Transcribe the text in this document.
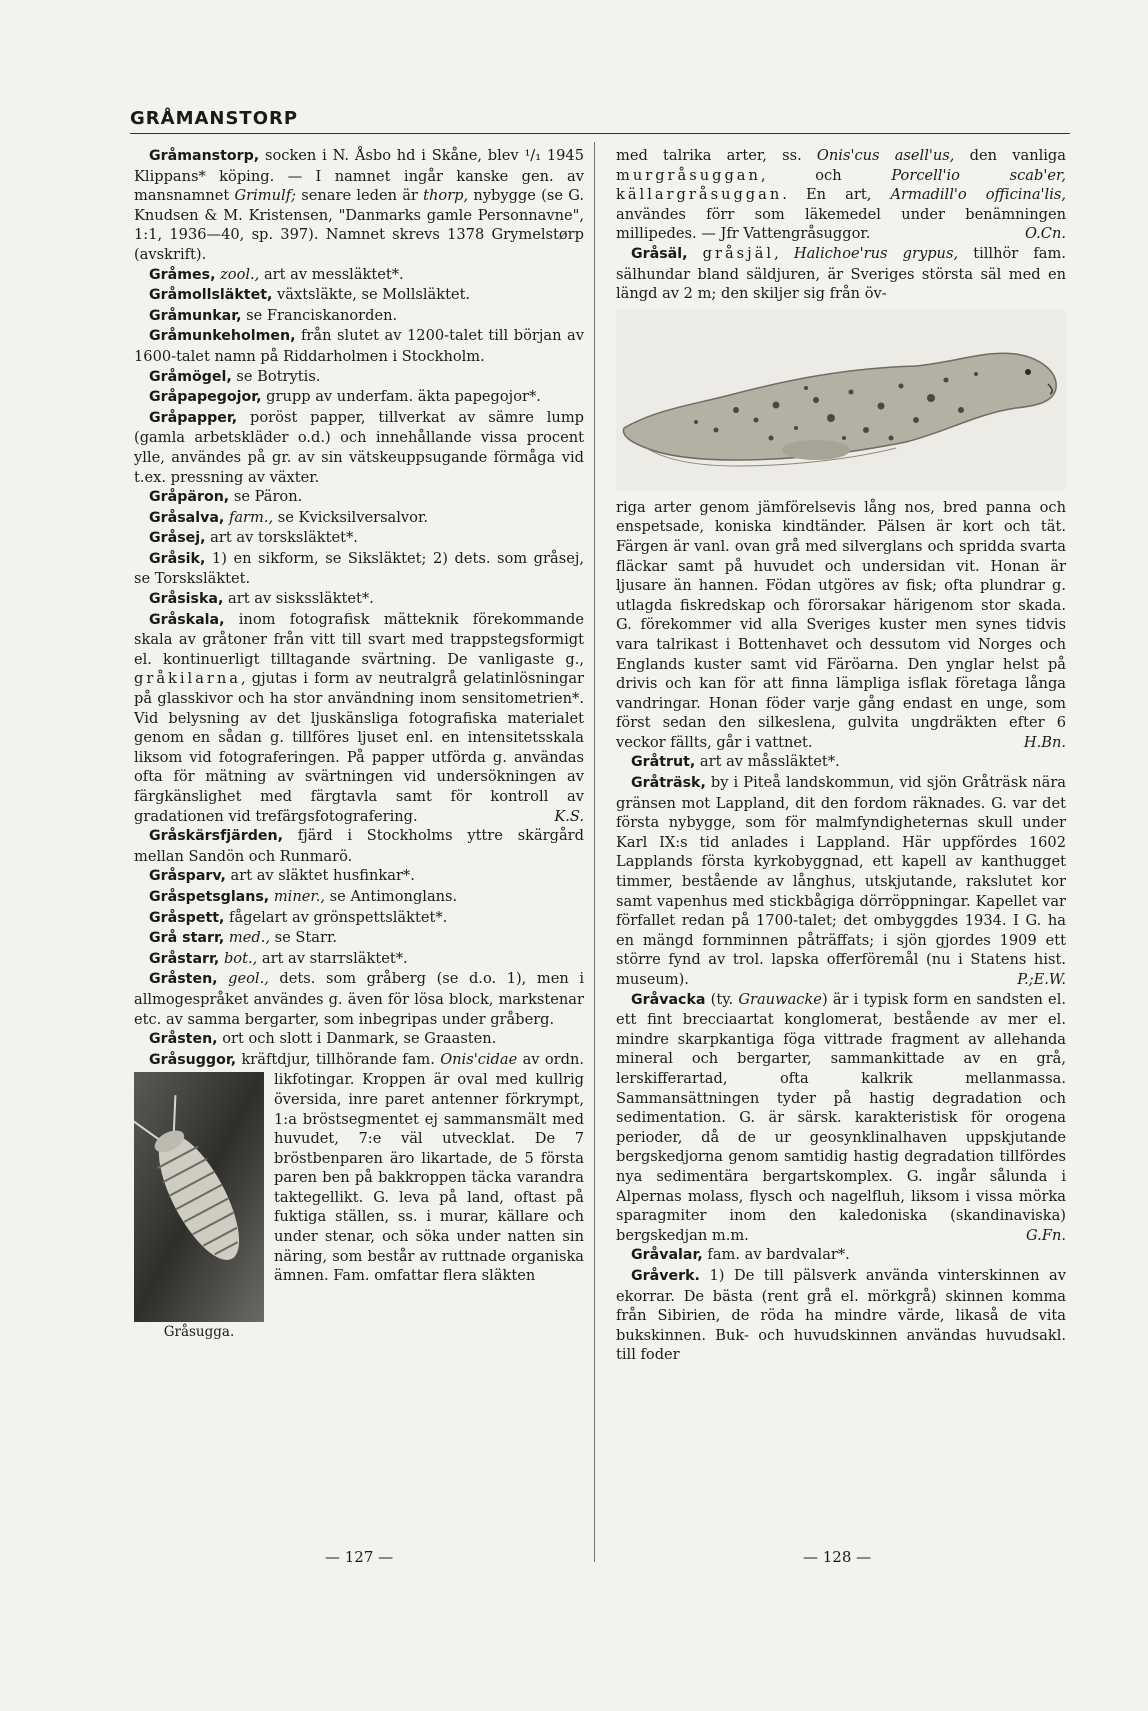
GRÅMANSTORP

Gråmanstorp, socken i N. Åsbo hd i Skåne, blev ¹/₁ 1945 Klippans* köping. — I namnet ingår kanske gen. av mansnamnet Grimulf; senare leden är thorp, nybygge (se G. Knudsen & M. Kristensen, "Danmarks gamle Personnavne", 1:1, 1936—40, sp. 397). Namnet skrevs 1378 Grymelstørp (avskrift).

Gråmes, zool., art av messläktet*.

Gråmollsläktet, växtsläkte, se Mollsläktet.

Gråmunkar, se Franciskanorden.

Gråmunkeholmen, från slutet av 1200-talet till början av 1600-talet namn på Riddarholmen i Stockholm.

Gråmögel, se Botrytis.

Gråpapegojor, grupp av underfam. äkta papegojor*.

Gråpapper, poröst papper, tillverkat av sämre lump (gamla arbetskläder o.d.) och innehållande vissa procent ylle, användes på gr. av sin vätskeuppsugande förmåga vid t.ex. pressning av växter.

Gråpäron, se Päron.

Gråsalva, farm., se Kvicksilversalvor.

Gråsej, art av torsksläktet*.

Gråsik, 1) en sikform, se Siksläktet; 2) dets. som gråsej, se Torsksläktet.

Gråsiska, art av siskssläktet*.

Gråskala, inom fotografisk mätteknik förekommande skala av gråtoner från vitt till svart med trappstegsformigt el. kontinuerligt tilltagande svärtning. De vanligaste g., gråkilarna, gjutas i form av neutralgrå gelatinlösningar på glasskivor och ha stor användning inom sensitometrien*. Vid belysning av det ljuskänsliga fotografiska materialet genom en sådan g. tillföres ljuset enl. en intensitetsskala liksom vid fotograferingen. På papper utförda g. användas ofta för mätning av svärtningen vid undersökningen av färgkänslighet med färgtavla samt för kontroll av gradationen vid trefärgsfotografering.	K.S.

Gråskärsfjärden, fjärd i Stockholms yttre skärgård mellan Sandön och Runmarö.

Gråsparv, art av släktet husfinkar*.

Gråspetsglans, miner., se Antimonglans.

Gråspett, fågelart av grönspettsläktet*.

Grå starr, med., se Starr.

Gråstarr, bot., art av starrsläktet*.

Gråsten, geol., dets. som gråberg (se d.o. 1), men i allmogespråket användes g. även för lösa block, markstenar etc. av samma bergarter, som inbegripas under gråberg.

Gråsten, ort och slott i Danmark, se Graasten.

Gråsuggor, kräftdjur, tillhörande fam. Onis'cidae
Gråsugga.
av ordn. likfotingar. Kroppen är oval med kullrig översida, inre paret antenner förkrympt, 1:a bröstsegmentet ej sammansmält med huvudet, 7:e väl utvecklat. De 7 bröstbenparen äro likartade, de 5 första paren ben på bakkroppen täcka varandra taktegellikt. G. leva på land, oftast på fuktiga ställen, ss. i murar, källare och under stenar, och söka under natten sin näring, som består av ruttnade organiska ämnen. Fam. omfattar flera släkten

med talrika arter, ss. Onis'cus asell'us, den vanliga murgråsuggan, och Porcell'io scab'er, källargråsuggan. En art, Armadill'o officina'lis, användes förr som läkemedel under benämningen millipedes. — Jfr Vattengråsuggor.	O.Cn.

Gråsäl, gråsjäl, Halichoe'rus grypus, tillhör fam. sälhundar bland säldjuren, är Sveriges största säl med en längd av 2 m; den skiljer sig från öv-

riga arter genom jämförelsevis lång nos, bred panna och enspetsade, koniska kindtänder. Pälsen är kort och tät. Färgen är vanl. ovan grå med silverglans och spridda svarta fläckar samt på huvudet och undersidan vit. Honan är ljusare än hannen. Födan utgöres av fisk; ofta plundrar g. utlagda fiskredskap och förorsakar härigenom stor skada. G. förekommer vid alla Sveriges kuster men synes tidvis vara talrikast i Bottenhavet och dessutom vid Norges och Englands kuster samt vid Färöarna. Den ynglar helst på drivis och kan för att finna lämpliga isflak företaga långa vandringar. Honan föder varje gång endast en unge, som först sedan den silkeslena, gulvita ungdräkten efter 6 veckor fällts, går i vattnet.	H.Bn.

Gråtrut, art av måssläktet*.

Gråträsk, by i Piteå landskommun, vid sjön Gråträsk nära gränsen mot Lappland, dit den fordom räknades. G. var det första nybygge, som för malmfyndigheternas skull under Karl IX:s tid anlades i Lappland. Här uppfördes 1602 Lapplands första kyrkobyggnad, ett kapell av kanthugget timmer, bestående av långhus, utskjutande, rakslutet kor samt vapenhus med stickbågiga dörröppningar. Kapellet var förfallet redan på 1700-talet; det ombyggdes 1934. I G. ha en mängd fornminnen påträffats; i sjön gjordes 1909 ett större fynd av trol. lapska offerföremål (nu i Statens hist. museum).	P.;E.W.

Gråvacka (ty. Grauwacke) är i typisk form en sandsten el. ett fint brecciaartat konglomerat, bestående av mer el. mindre skarpkantiga föga vittrade fragment av allehanda mineral och bergarter, sammankittade av en grå, lerskifferartad, ofta kalkrik mellanmassa. Sammansättningen tyder på hastig degradation och sedimentation. G. är särsk. karakteristisk för orogena perioder, då de ur geosynklinalhaven uppskjutande bergskedjorna genom samtidig hastig degradation tillfördes nya sedimentära bergartskomplex. G. ingår sålunda i Alpernas molass, flysch och nagelfluh, liksom i vissa mörka sparagmiter inom den kaledoniska (skandinaviska) bergskedjan m.m.	G.Fn.

Gråvalar, fam. av bardvalar*.

Gråverk. 1) De till pälsverk använda vinterskinnen av ekorrar. De bästa (rent grå el. mörkgrå) skinnen komma från Sibirien, de röda ha mindre värde, likaså de vita bukskinnen. Buk- och huvudskinnen användas huvudsakl. till foder

— 127 —	— 128 —
